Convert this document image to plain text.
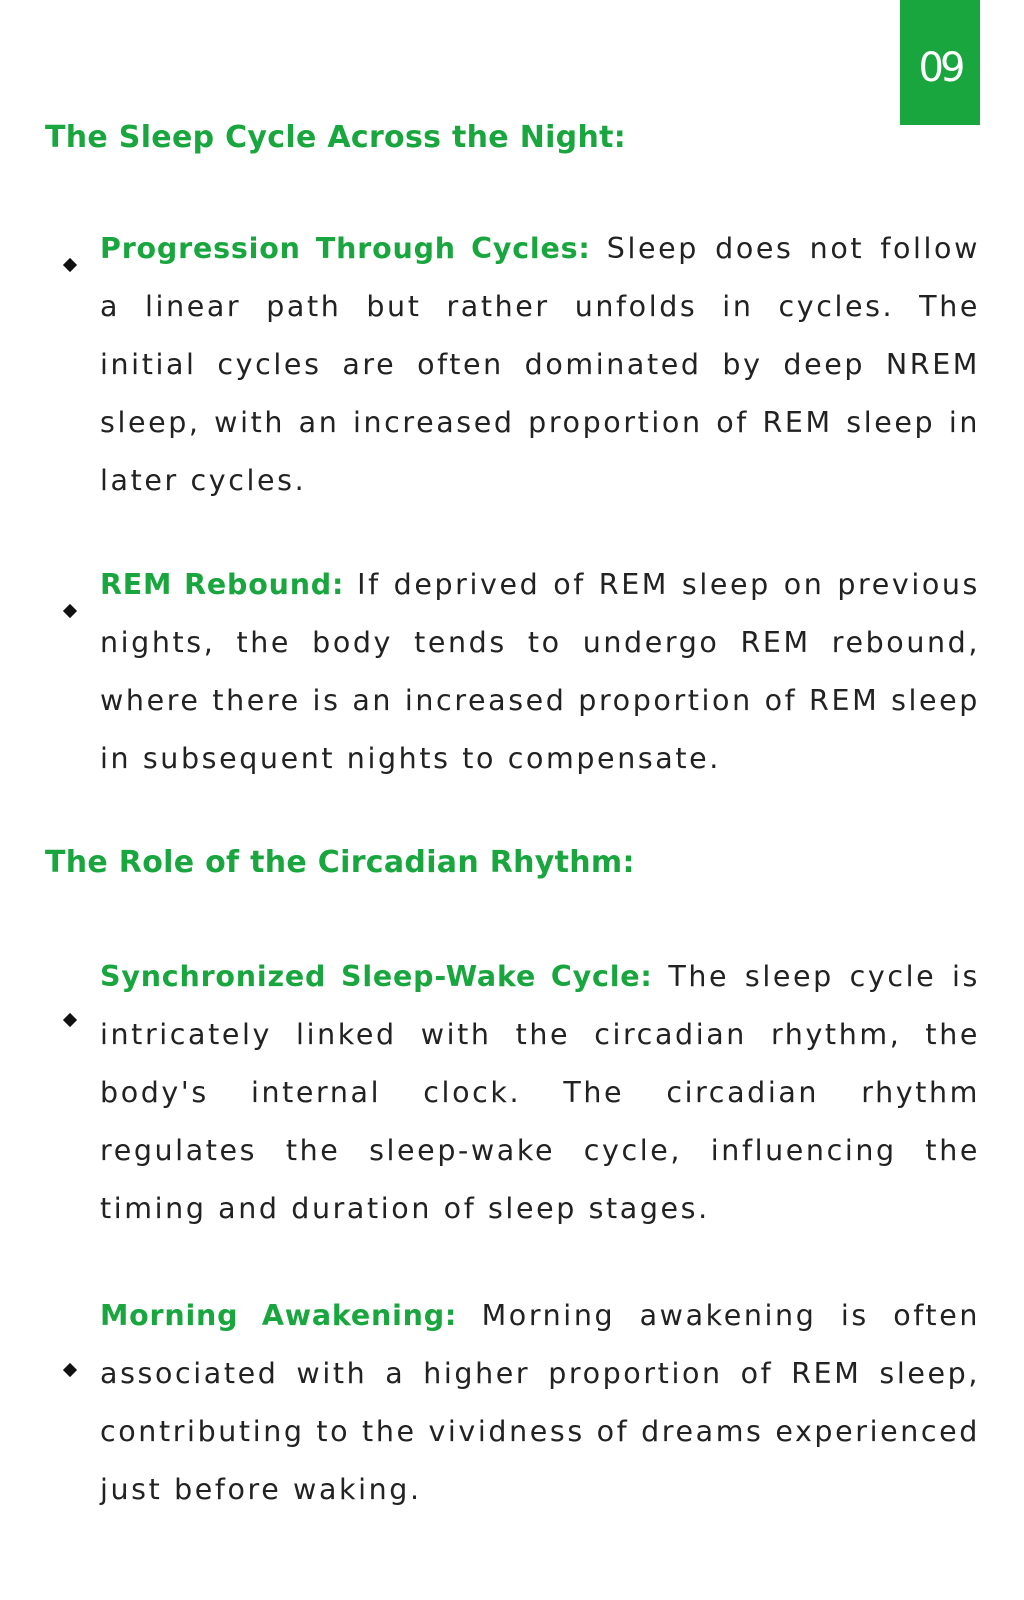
09
The Sleep Cycle Across the Night:

Progression Through Cycles: Sleep does not follow a linear path but rather unfolds in cycles. The initial cycles are often dominated by deep NREM sleep, with an increased proportion of REM sleep in later cycles.

REM Rebound: If deprived of REM sleep on previous nights, the body tends to undergo REM rebound, where there is an increased proportion of REM sleep in subsequent nights to compensate.

The Role of the Circadian Rhythm:

Synchronized Sleep-Wake Cycle: The sleep cycle is intricately linked with the circadian rhythm, the body's internal clock. The circadian rhythm regulates the sleep-wake cycle, influencing the timing and duration of sleep stages.

Morning Awakening: Morning awakening is often associated with a higher proportion of REM sleep, contributing to the vividness of dreams experienced just before waking.
